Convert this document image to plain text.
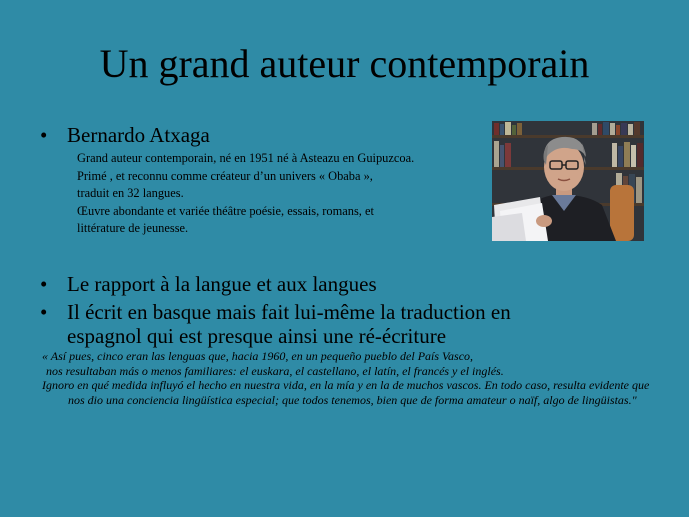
Un grand auteur contemporain
• Bernardo Atxaga
Grand auteur contemporain, né en 1951 né à Asteazu en Guipuzcoa.
Primé , et reconnu comme créateur d’un univers « Obaba »,
traduit en 32 langues.
Œuvre abondante et variée théâtre poésie, essais, romans, et
littérature de jeunesse.
• Le rapport à la langue et aux langues
• Il écrit en basque mais fait lui-même la traduction en
espagnol qui est presque ainsi une ré-écriture
« Así pues, cinco eran las lenguas que, hacia 1960, en un pequeño pueblo del País Vasco,
nos resultaban más o menos familiares: el euskara, el castellano, el latín, el francés y el inglés.
Ignoro en qué medida influyó el hecho en nuestra vida, en la mía y en la de muchos vascos. En todo caso, resulta evidente que nos dio una conciencia lingüística especial; que todos tenemos, bien que de forma amateur o naïf, algo de lingüistas."
